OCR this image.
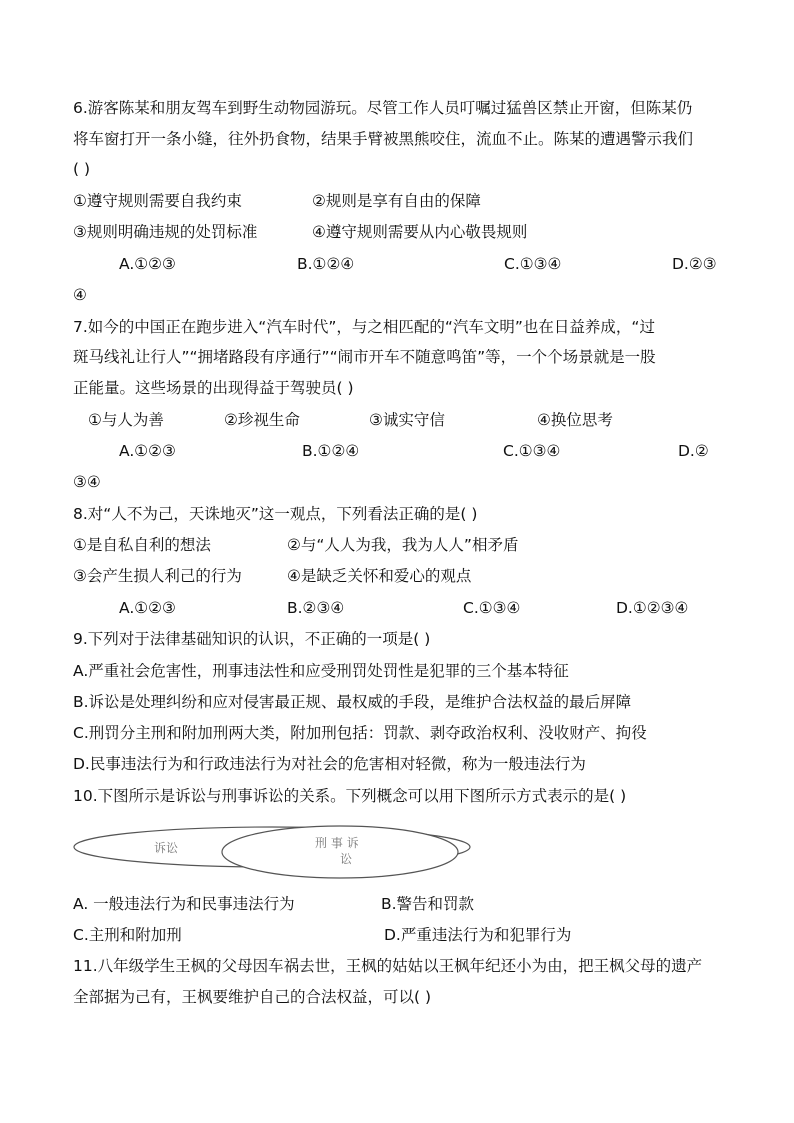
6.游客陈某和朋友驾车到野生动物园游玩。尽管工作人员叮嘱过猛兽区禁止开窗，但陈某仍
将车窗打开一条小缝，往外扔食物，结果手臂被黑熊咬住，流血不止。陈某的遭遇警示我们
( )
①遵守规则需要自我约束	②规则是享有自由的保障
③规则明确违规的处罚标准	④遵守规则需要从内心敬畏规则
A.①②③	B.①②④	C.①③④	D.②③
④
7.如今的中国正在跑步进入“汽车时代”，与之相匹配的“汽车文明”也在日益养成，“过
斑马线礼让行人”“拥堵路段有序通行”“闹市开车不随意鸣笛”等，一个个场景就是一股
正能量。这些场景的出现得益于驾驶员( )
①与人为善	②珍视生命	③诚实守信	④换位思考
A.①②③	B.①②④	C.①③④	D.②
③④
8.对“人不为己，天诛地灭”这一观点，下列看法正确的是( )
①是自私自利的想法	②与“人人为我，我为人人”相矛盾
③会产生损人利己的行为	④是缺乏关怀和爱心的观点
A.①②③	B.②③④	C.①③④	D.①②③④
9.下列对于法律基础知识的认识，不正确的一项是( )
A.严重社会危害性，刑事违法性和应受刑罚处罚性是犯罪的三个基本特征
B.诉讼是处理纠纷和应对侵害最正规、最权威的手段，是维护合法权益的最后屏障
C.刑罚分主刑和附加刑两大类，附加刑包括：罚款、剥夺政治权利、没收财产、拘役
D.民事违法行为和行政违法行为对社会的危害相对轻微，称为一般违法行为
10.下图所示是诉讼与刑事诉讼的关系。下列概念可以用下图所示方式表示的是( )
诉讼	刑 事 诉
讼
A. 一般违法行为和民事违法行为	B.警告和罚款
C.主刑和附加刑	D.严重违法行为和犯罪行为
11.八年级学生王枫的父母因车祸去世，王枫的姑姑以王枫年纪还小为由，把王枫父母的遗产
全部据为己有，王枫要维护自己的合法权益，可以( )
